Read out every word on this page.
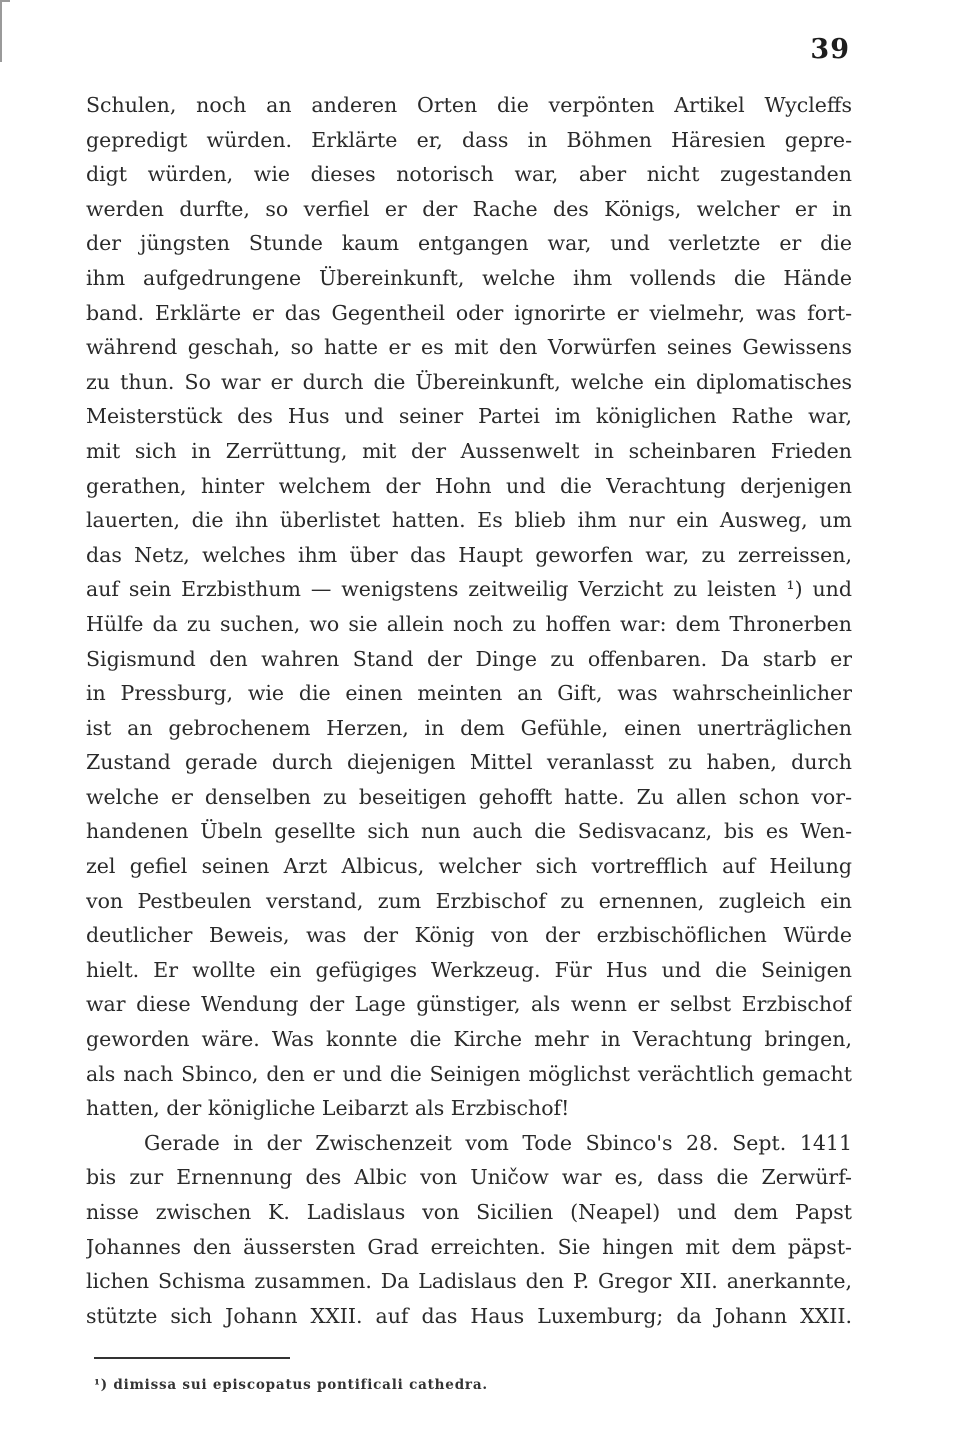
39
Schulen, noch an anderen Orten die verpönten Artikel Wycleffs
gepredigt würden. Erklärte er, dass in Böhmen Häresien gepre-
digt würden, wie dieses notorisch war, aber nicht zugestanden
werden durfte, so verfiel er der Rache des Königs, welcher er in
der jüngsten Stunde kaum entgangen war, und verletzte er die
ihm aufgedrungene Übereinkunft, welche ihm vollends die Hände
band. Erklärte er das Gegentheil oder ignorirte er vielmehr, was fort-
während geschah, so hatte er es mit den Vorwürfen seines Gewissens
zu thun. So war er durch die Übereinkunft, welche ein diplomatisches
Meisterstück des Hus und seiner Partei im königlichen Rathe war,
mit sich in Zerrüttung, mit der Aussenwelt in scheinbaren Frieden
gerathen, hinter welchem der Hohn und die Verachtung derjenigen
lauerten, die ihn überlistet hatten. Es blieb ihm nur ein Ausweg, um
das Netz, welches ihm über das Haupt geworfen war, zu zerreissen,
auf sein Erzbisthum — wenigstens zeitweilig Verzicht zu leisten ¹) und
Hülfe da zu suchen, wo sie allein noch zu hoffen war: dem Thronerben
Sigismund den wahren Stand der Dinge zu offenbaren. Da starb er
in Pressburg, wie die einen meinten an Gift, was wahrscheinlicher
ist an gebrochenem Herzen, in dem Gefühle, einen unerträglichen
Zustand gerade durch diejenigen Mittel veranlasst zu haben, durch
welche er denselben zu beseitigen gehofft hatte. Zu allen schon vor-
handenen Übeln gesellte sich nun auch die Sedisvacanz, bis es Wen-
zel gefiel seinen Arzt Albicus, welcher sich vortrefflich auf Heilung
von Pestbeulen verstand, zum Erzbischof zu ernennen, zugleich ein
deutlicher Beweis, was der König von der erzbischöflichen Würde
hielt. Er wollte ein gefügiges Werkzeug. Für Hus und die Seinigen
war diese Wendung der Lage günstiger, als wenn er selbst Erzbischof
geworden wäre. Was konnte die Kirche mehr in Verachtung bringen,
als nach Sbinco, den er und die Seinigen möglichst verächtlich gemacht
hatten, der königliche Leibarzt als Erzbischof!
Gerade in der Zwischenzeit vom Tode Sbinco's 28. Sept. 1411
bis zur Ernennung des Albic von Uničow war es, dass die Zerwürf-
nisse zwischen K. Ladislaus von Sicilien (Neapel) und dem Papst
Johannes den äussersten Grad erreichten. Sie hingen mit dem päpst-
lichen Schisma zusammen. Da Ladislaus den P. Gregor XII. anerkannte,
stützte sich Johann XXII. auf das Haus Luxemburg; da Johann XXII.
¹) dimissa sui episcopatus pontificali cathedra.
